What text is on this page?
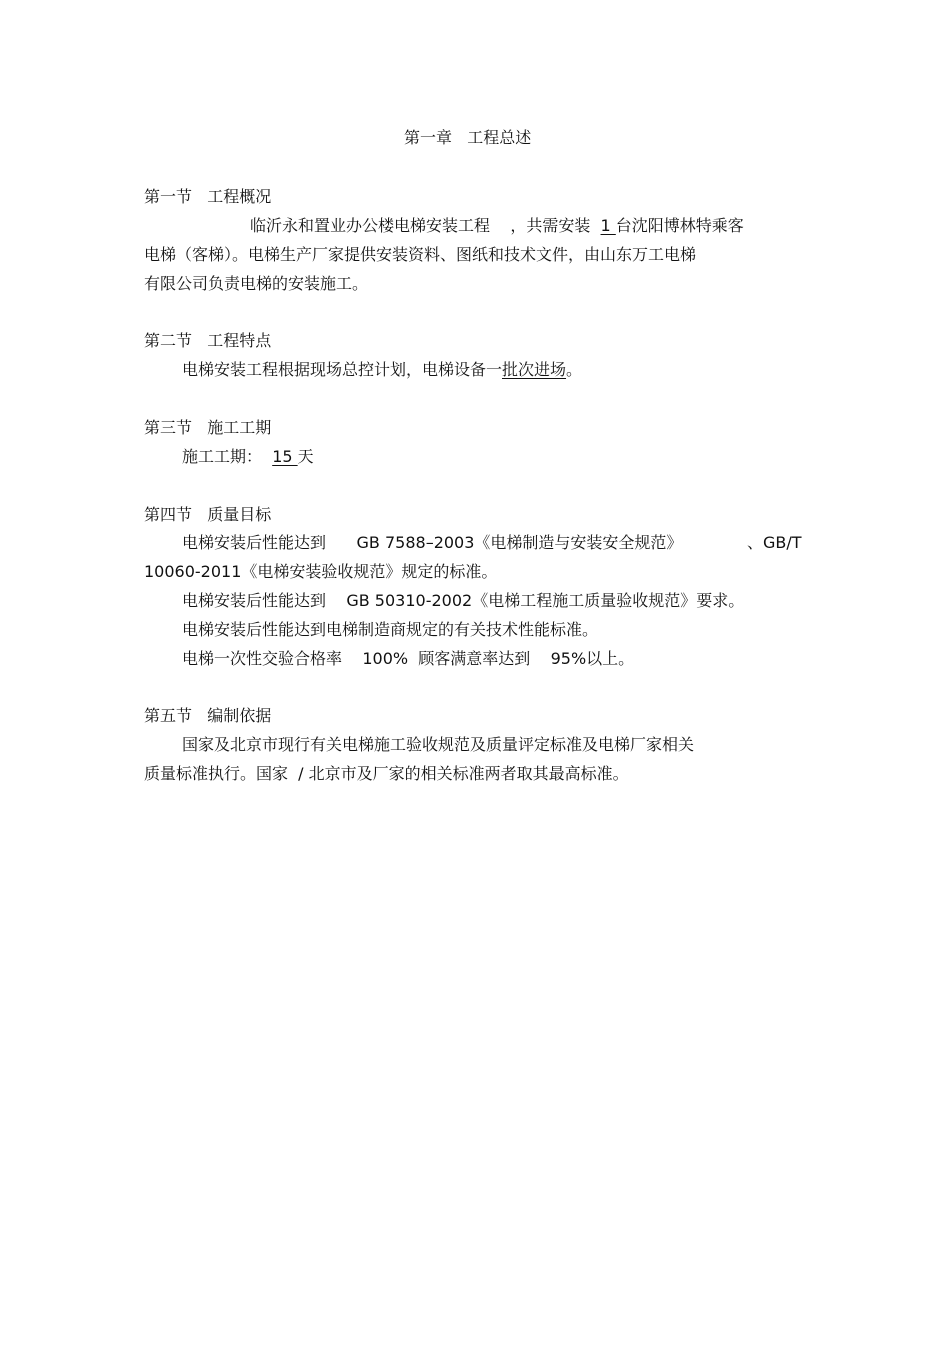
第一章   工程总述
第一节   工程概况
临沂永和置业办公楼电梯安装工程    ，共需安装  1 台沈阳博林特乘客
电梯（客梯）。电梯生产厂家提供安装资料、图纸和技术文件，由山东万工电梯
有限公司负责电梯的安装施工。
第二节   工程特点
电梯安装工程根据现场总控计划，电梯设备一批次进场。
第三节   施工工期
施工工期：  15 天
第四节   质量目标
电梯安装后性能达到      GB 7588–2003《电梯制造与安装安全规范》	、GB/T
10060-2011《电梯安装验收规范》规定的标准。
电梯安装后性能达到    GB 50310-2002《电梯工程施工质量验收规范》要求。
电梯安装后性能达到电梯制造商规定的有关技术性能标准。
电梯一次性交验合格率    100%  顾客满意率达到    95%以上。
第五节   编制依据
国家及北京市现行有关电梯施工验收规范及质量评定标准及电梯厂家相关
质量标准执行。国家  / 北京市及厂家的相关标准两者取其最高标准。
